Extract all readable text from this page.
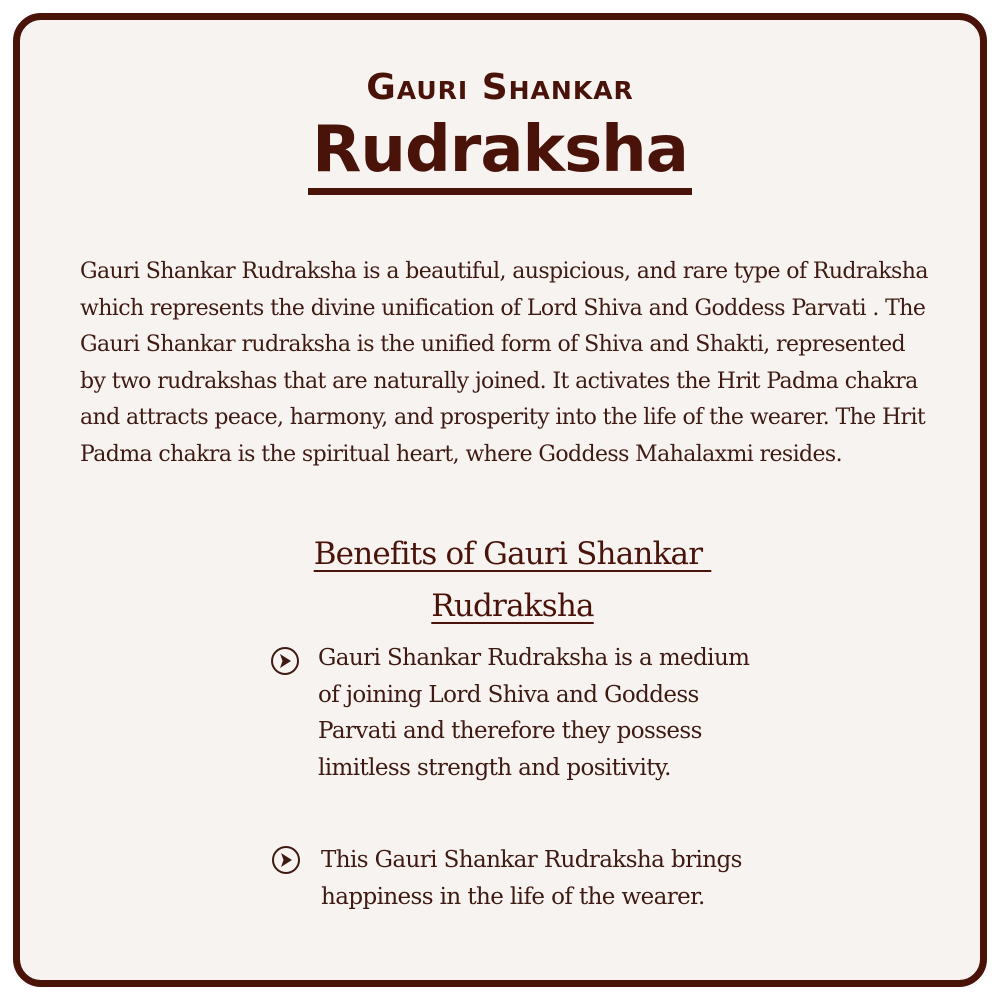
Gauri Shankar
Rudraksha

Gauri Shankar Rudraksha is a beautiful, auspicious, and rare type of Rudraksha which represents the divine unification of Lord Shiva and Goddess Parvati . The Gauri Shankar rudraksha is the unified form of Shiva and Shakti, represented by two rudrakshas that are naturally joined. It activates the Hrit Padma chakra and attracts peace, harmony, and prosperity into the life of the wearer. The Hrit Padma chakra is the spiritual heart, where Goddess Mahalaxmi resides.

Benefits of Gauri Shankar
Rudraksha
Gauri Shankar Rudraksha is a medium of joining Lord Shiva and Goddess Parvati and therefore they possess limitless strength and positivity.
This Gauri Shankar Rudraksha brings happiness in the life of the wearer.
